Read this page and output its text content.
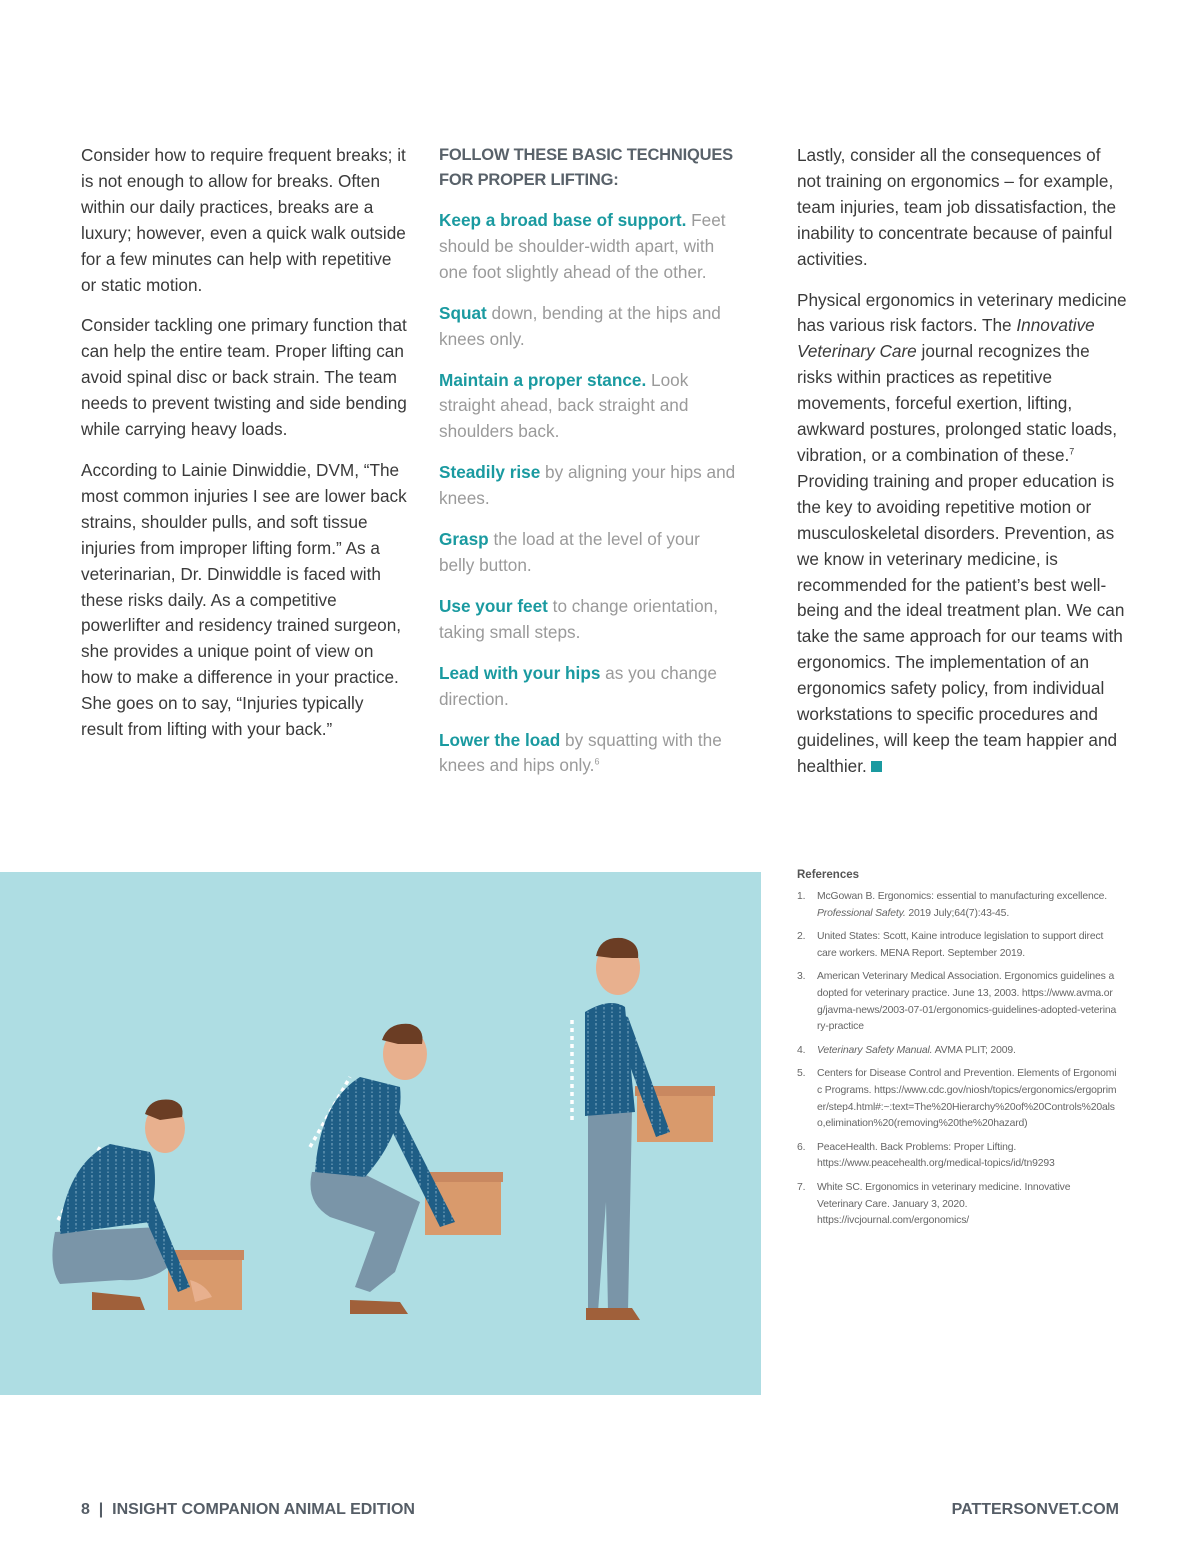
Consider how to require frequent breaks; it is not enough to allow for breaks. Often within our daily practices, breaks are a luxury; however, even a quick walk outside for a few minutes can help with repetitive or static motion.

Consider tackling one primary function that can help the entire team. Proper lifting can avoid spinal disc or back strain. The team needs to prevent twisting and side bending while carrying heavy loads.

According to Lainie Dinwiddie, DVM, “The most common injuries I see are lower back strains, shoulder pulls, and soft tissue injuries from improper lifting form.” As a veterinarian, Dr. Dinwiddle is faced with these risks daily. As a competitive powerlifter and residency trained surgeon, she provides a unique point of view on how to make a difference in your practice. She goes on to say, “Injuries typically result from lifting with your back.”

FOLLOW THESE BASIC TECHNIQUES FOR PROPER LIFTING:

Keep a broad base of support. Feet should be shoulder-width apart, with one foot slightly ahead of the other.

Squat down, bending at the hips and knees only.

Maintain a proper stance. Look straight ahead, back straight and shoulders back.

Steadily rise by aligning your hips and knees.

Grasp the load at the level of your belly button.

Use your feet to change orientation, taking small steps.

Lead with your hips as you change direction.

Lower the load by squatting with the knees and hips only.$^6$

Lastly, consider all the consequences of not training on ergonomics – for example, team injuries, team job dissatisfaction, the inability to concentrate because of painful activities.

Physical ergonomics in veterinary medicine has various risk factors. The Innovative Veterinary Care journal recognizes the risks within practices as repetitive movements, forceful exertion, lifting, awkward postures, prolonged static loads, vibration, or a combination of these.$^7$ Providing training and proper education is the key to avoiding repetitive motion or musculoskeletal disorders. Prevention, as we know in veterinary medicine, is recommended for the patient’s best well-being and the ideal treatment plan. We can take the same approach for our teams with ergonomics. The implementation of an ergonomics safety policy, from individual workstations to specific procedures and guidelines, will keep the team happier and healthier.

References
1. McGowan B. Ergonomics: essential to manufacturing excellence. Professional Safety. 2019 July;64(7):43-45.
2. United States: Scott, Kaine introduce legislation to support direct care workers. MENA Report. September 2019.
3. American Veterinary Medical Association. Ergonomics guidelines adopted for veterinary practice. June 13, 2003. https://www.avma.org/javma-news/2003-07-01/ergonomics-guidelines-adopted-veterinary-practice
4. Veterinary Safety Manual. AVMA PLIT; 2009.
5. Centers for Disease Control and Prevention. Elements of Ergonomic Programs. https://www.cdc.gov/niosh/topics/ergonomics/ergoprimer/step4.html#:~:text=The%20Hierarchy%20of%20Controls%20also,elimination%20(removing%20the%20hazard)
6. PeaceHealth. Back Problems: Proper Lifting. https://www.peacehealth.org/medical-topics/id/tn9293
7. White SC. Ergonomics in veterinary medicine. Innovative Veterinary Care. January 3, 2020. https://ivcjournal.com/ergonomics/
8  |  INSIGHT COMPANION ANIMAL EDITION	PATTERSONVET.COM
